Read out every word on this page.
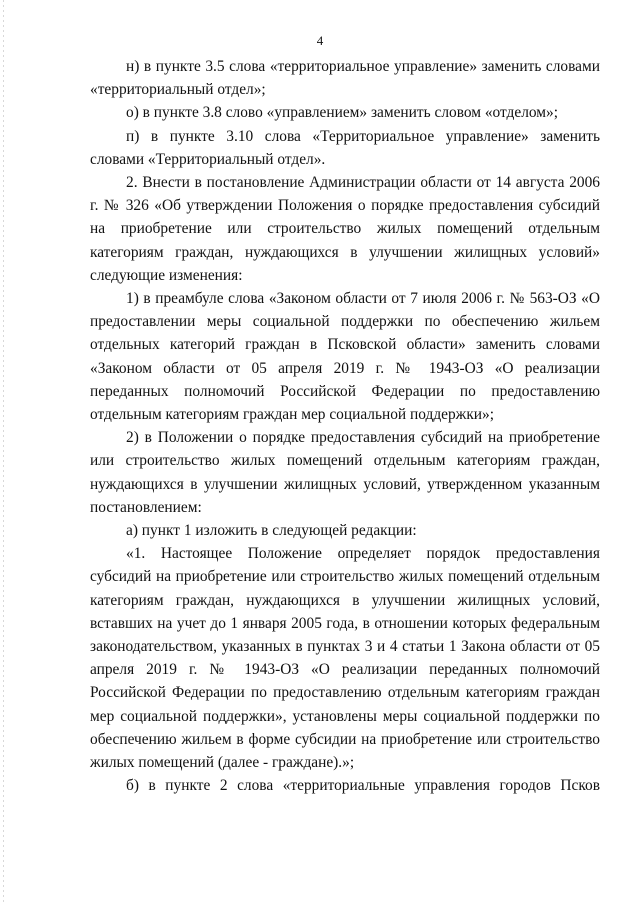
4

н) в пункте 3.5 слова «территориальное управление» заменить словами «территориальный отдел»;

о) в пункте 3.8 слово «управлением» заменить словом «отделом»;

п) в пункте 3.10 слова «Территориальное управление» заменить словами «Территориальный отдел».

2. Внести в постановление Администрации области от 14 августа 2006 г. № 326 «Об утверждении Положения о порядке предоставления субсидий на приобретение или строительство жилых помещений отдельным категориям граждан, нуждающихся в улучшении жилищных условий» следующие изменения:

1) в преамбуле слова «Законом области от 7 июля 2006 г. № 563-ОЗ «О предоставлении меры социальной поддержки по обеспечению жильем отдельных категорий граждан в Псковской области» заменить словами «Законом области от 05 апреля 2019 г. № 1943-ОЗ «О реализации переданных полномочий Российской Федерации по предоставлению отдельным категориям граждан мер социальной поддержки»;

2) в Положении о порядке предоставления субсидий на приобретение или строительство жилых помещений отдельным категориям граждан, нуждающихся в улучшении жилищных условий, утвержденном указанным постановлением:

а) пункт 1 изложить в следующей редакции:

«1. Настоящее Положение определяет порядок предоставления субсидий на приобретение или строительство жилых помещений отдельным категориям граждан, нуждающихся в улучшении жилищных условий, вставших на учет до 1 января 2005 года, в отношении которых федеральным законодательством, указанных в пунктах 3 и 4 статьи 1 Закона области от 05 апреля 2019 г. № 1943-ОЗ «О реализации переданных полномочий Российской Федерации по предоставлению отдельным категориям граждан мер социальной поддержки», установлены меры социальной поддержки по обеспечению жильем в форме субсидии на приобретение или строительство жилых помещений (далее - граждане).»;

б) в пункте 2 слова «территориальные управления городов Псков
